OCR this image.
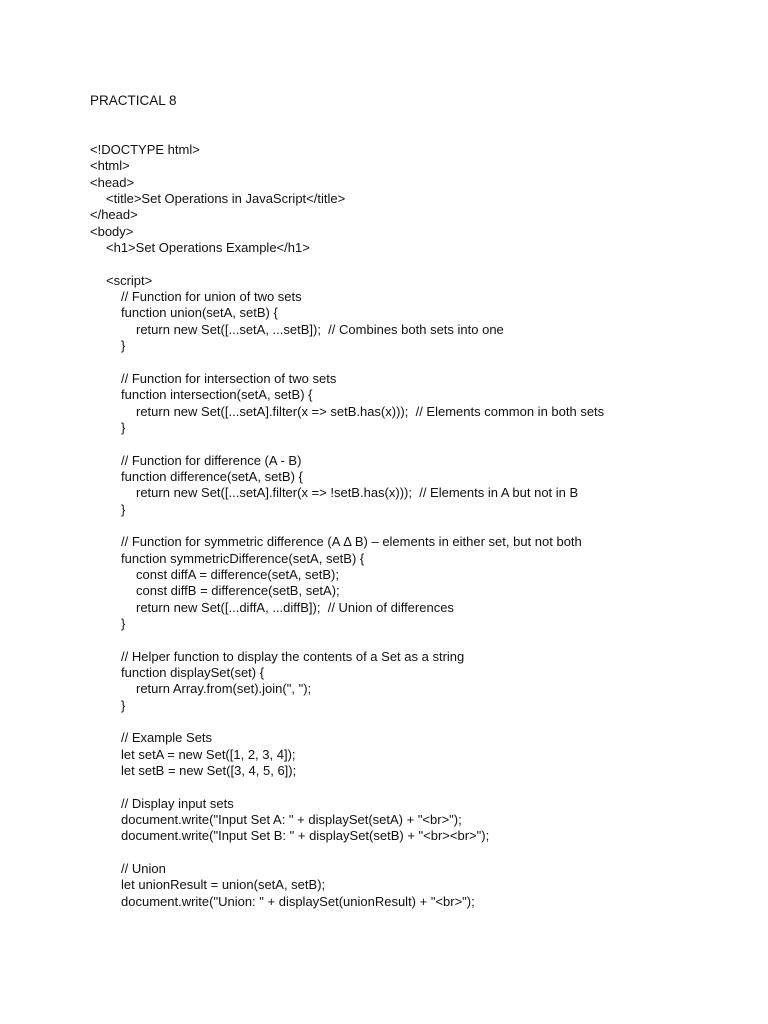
PRACTICAL 8
<!DOCTYPE html>
<html>
<head>
<title>Set Operations in JavaScript</title>
</head>
<body>
<h1>Set Operations Example</h1>
<script>
// Function for union of two sets
function union(setA, setB) {
return new Set([...setA, ...setB]);  // Combines both sets into one
}
// Function for intersection of two sets
function intersection(setA, setB) {
return new Set([...setA].filter(x => setB.has(x)));  // Elements common in both sets
}
// Function for difference (A - B)
function difference(setA, setB) {
return new Set([...setA].filter(x => !setB.has(x)));  // Elements in A but not in B
}
// Function for symmetric difference (A Δ B) – elements in either set, but not both
function symmetricDifference(setA, setB) {
const diffA = difference(setA, setB);
const diffB = difference(setB, setA);
return new Set([...diffA, ...diffB]);  // Union of differences
}
// Helper function to display the contents of a Set as a string
function displaySet(set) {
return Array.from(set).join(", ");
}
// Example Sets
let setA = new Set([1, 2, 3, 4]);
let setB = new Set([3, 4, 5, 6]);
// Display input sets
document.write("Input Set A: " + displaySet(setA) + "<br>");
document.write("Input Set B: " + displaySet(setB) + "<br><br>");
// Union
let unionResult = union(setA, setB);
document.write("Union: " + displaySet(unionResult) + "<br>");
